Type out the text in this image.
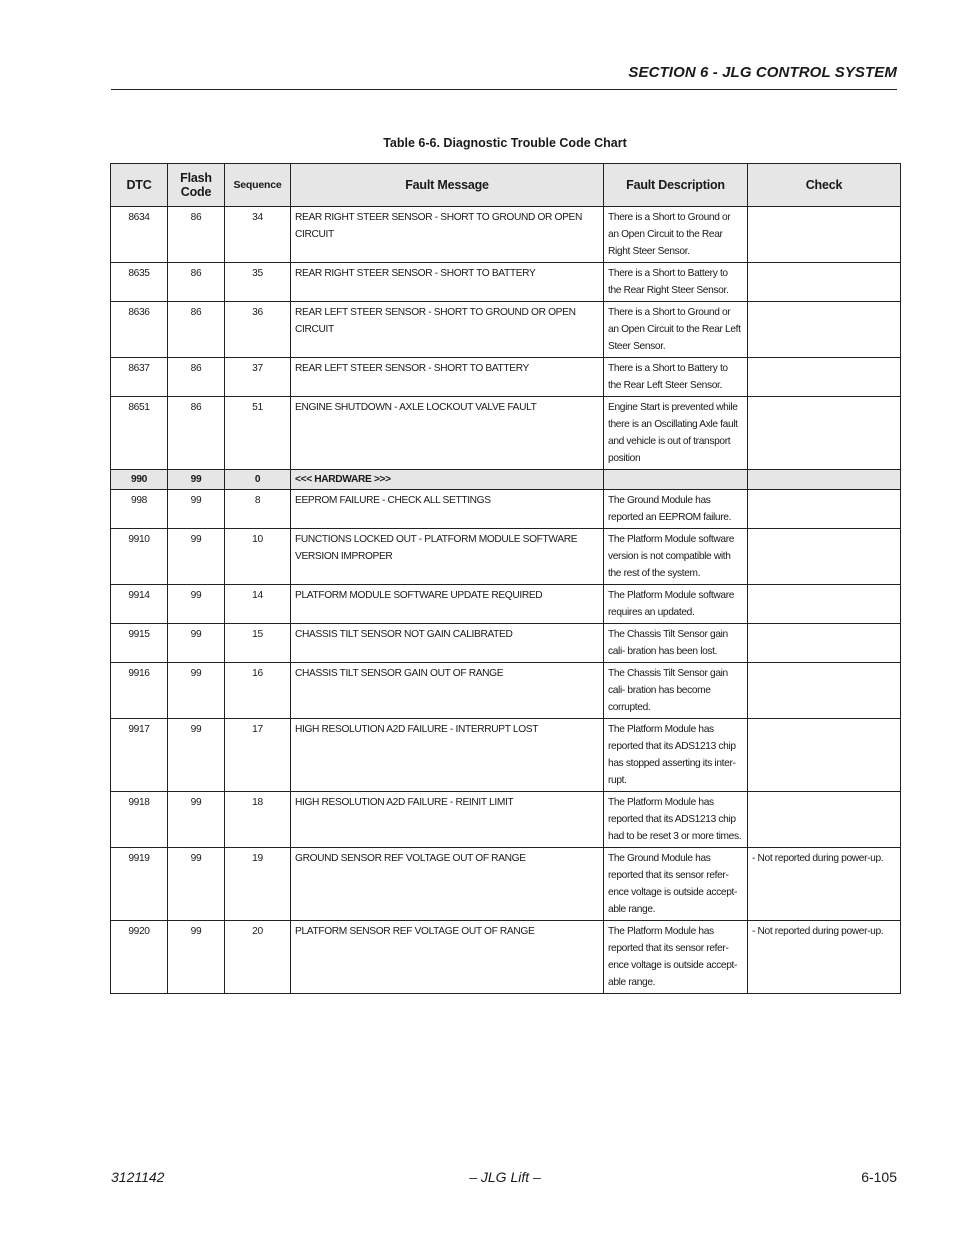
SECTION 6 - JLG CONTROL SYSTEM
Table 6-6. Diagnostic Trouble Code Chart
DTC	Flash Code	Sequence	Fault Message	Fault Description	Check
8634	86	34	REAR RIGHT STEER SENSOR - SHORT TO GROUND OR OPEN CIRCUIT	There is a Short to Ground or an Open Circuit to the Rear Right Steer Sensor.	
8635	86	35	REAR RIGHT STEER SENSOR - SHORT TO BATTERY	There is a Short to Battery to the Rear Right Steer Sensor.	
8636	86	36	REAR LEFT STEER SENSOR - SHORT TO GROUND OR OPEN CIRCUIT	There is a Short to Ground or an Open Circuit to the Rear Left Steer Sensor.	
8637	86	37	REAR LEFT STEER SENSOR - SHORT TO BATTERY	There is a Short to Battery to the Rear Left Steer Sensor.	
8651	86	51	ENGINE SHUTDOWN - AXLE LOCKOUT VALVE FAULT	Engine Start is prevented while there is an Oscillating Axle fault and vehicle is out of transport position	
990	99	0	<<< HARDWARE >>>		
998	99	8	EEPROM FAILURE - CHECK ALL SETTINGS	The Ground Module has reported an EEPROM failure.	
9910	99	10	FUNCTIONS LOCKED OUT - PLATFORM MODULE SOFTWARE VERSION IMPROPER	The Platform Module software version is not compatible with the rest of the system.	
9914	99	14	PLATFORM MODULE SOFTWARE UPDATE REQUIRED	The Platform Module software requires an updated.	
9915	99	15	CHASSIS TILT SENSOR NOT GAIN CALIBRATED	The Chassis Tilt Sensor gain cali- bration has been lost.	
9916	99	16	CHASSIS TILT SENSOR GAIN OUT OF RANGE	The Chassis Tilt Sensor gain cali- bration has become corrupted.	
9917	99	17	HIGH RESOLUTION A2D FAILURE - INTERRUPT LOST	The Platform Module has reported that its ADS1213 chip has stopped asserting its inter- rupt.	
9918	99	18	HIGH RESOLUTION A2D FAILURE - REINIT LIMIT	The Platform Module has reported that its ADS1213 chip had to be reset 3 or more times.	
9919	99	19	GROUND SENSOR REF VOLTAGE OUT OF RANGE	The Ground Module has reported that its sensor refer- ence voltage is outside accept- able range.	- Not reported during power-up.
9920	99	20	PLATFORM SENSOR REF VOLTAGE OUT OF RANGE	The Platform Module has reported that its sensor refer- ence voltage is outside accept- able range.	- Not reported during power-up.
3121142	– JLG Lift –	6-105
